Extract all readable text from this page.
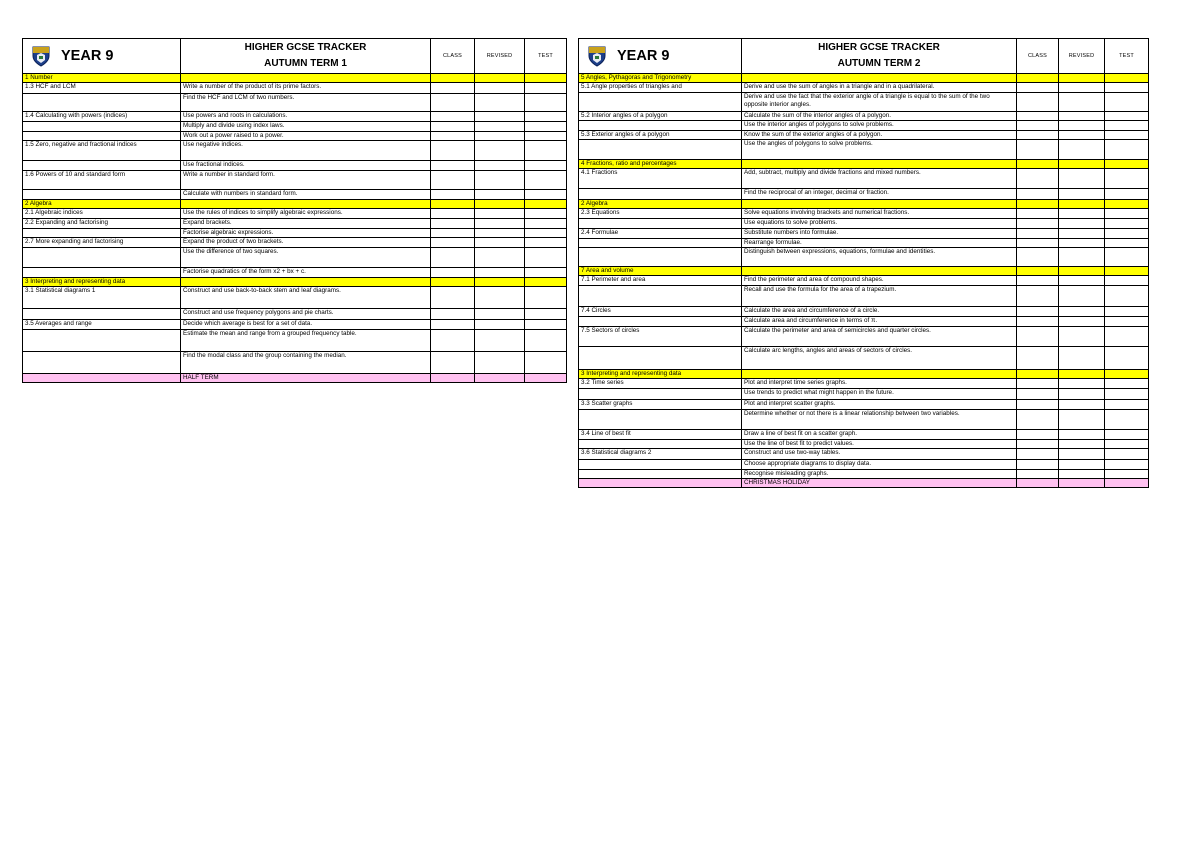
YEAR 9	HIGHER GCSE TRACKER
AUTUMN TERM 1	CLASS	REVISED	TEST
1 Number				
1.3 HCF and LCM	Write a number of the product of its prime factors.			
	Find the HCF and LCM of two numbers.			
1.4 Calculating with powers (indices)	Use powers and roots in calculations.			
	Multiply and divide using index laws.			
	Work out a power raised to a power.			
1.5 Zero, negative and fractional indices	Use negative indices.			
	Use fractional indices.			
1.6 Powers of 10 and standard form	Write a number in standard form.			
	Calculate with numbers in standard form.			
2 Algebra				
2.1 Algebraic indices	Use the rules of indices to simplify algebraic expressions.			
2.2 Expanding and factorising	Expand brackets.			
	Factorise algebraic expressions.			
2.7 More expanding and factorising	Expand the product of two brackets.			
	Use the difference of two squares.			
	Factorise quadratics of the form x2 + bx + c.			
3 Interpreting and representing data				
3.1 Statistical diagrams 1	Construct and use back-to-back stem and leaf diagrams.			
	Construct and use frequency polygons and pie charts.			
3.5 Averages and range	Decide which average is best for a set of data.			
	Estimate the mean and range from a grouped frequency table.			
	Find the modal class and the group containing the median.			
	HALF TERM			
YEAR 9	HIGHER GCSE TRACKER
AUTUMN TERM 2	CLASS	REVISED	TEST
5 Angles, Pythagoras and Trigonometry				
5.1 Angle properties of triangles and	Derive and use the sum of angles in a triangle and in a quadrilateral.			
	Derive and use the fact that the exterior angle of a triangle is equal to the sum of the two opposite interior angles.			
5.2 Interior angles of a polygon	Calculate the sum of the interior angles of a polygon.			
	Use the interior angles of polygons to solve problems.			
5.3 Exterior angles of a polygon	Know the sum of the exterior angles of a polygon.			
	Use the angles of polygons to solve problems.			
4 Fractions, ratio and percentages				
4.1 Fractions	Add, subtract, multiply and divide fractions and mixed numbers.			
	Find the reciprocal of an integer, decimal or fraction.			
2 Algebra				
2.3 Equations	Solve equations involving brackets and numerical fractions.			
	Use equations to solve problems.			
2.4 Formulae	Substitute numbers into formulae.			
	Rearrange formulae.			
	Distinguish between expressions, equations, formulae and identities.			
7 Area and volume				
7.1 Perimeter and area	Find the perimeter and area of compound shapes.			
	Recall and use the formula for the area of a trapezium.			
7.4 Circles	Calculate the area and circumference of a circle.			
	Calculate area and circumference in terms of π.			
7.5 Sectors of circles	Calculate the perimeter and area of semicircles and quarter circles.			
	Calculate arc lengths, angles and areas of sectors of circles.			
3 Interpreting and representing data				
3.2 Time series	Plot and interpret time series graphs.			
	Use trends to predict what might happen in the future.			
3.3 Scatter graphs	Plot and interpret scatter graphs.			
	Determine whether or not there is a linear relationship between two variables.			
3.4 Line of best fit	Draw a line of best fit on a scatter graph.			
	Use the line of best fit to predict values.			
3.6 Statistical diagrams 2	Construct and use two-way tables.			
	Choose appropriate diagrams to display data.			
	Recognise misleading graphs.			
	CHRISTMAS HOLIDAY			
